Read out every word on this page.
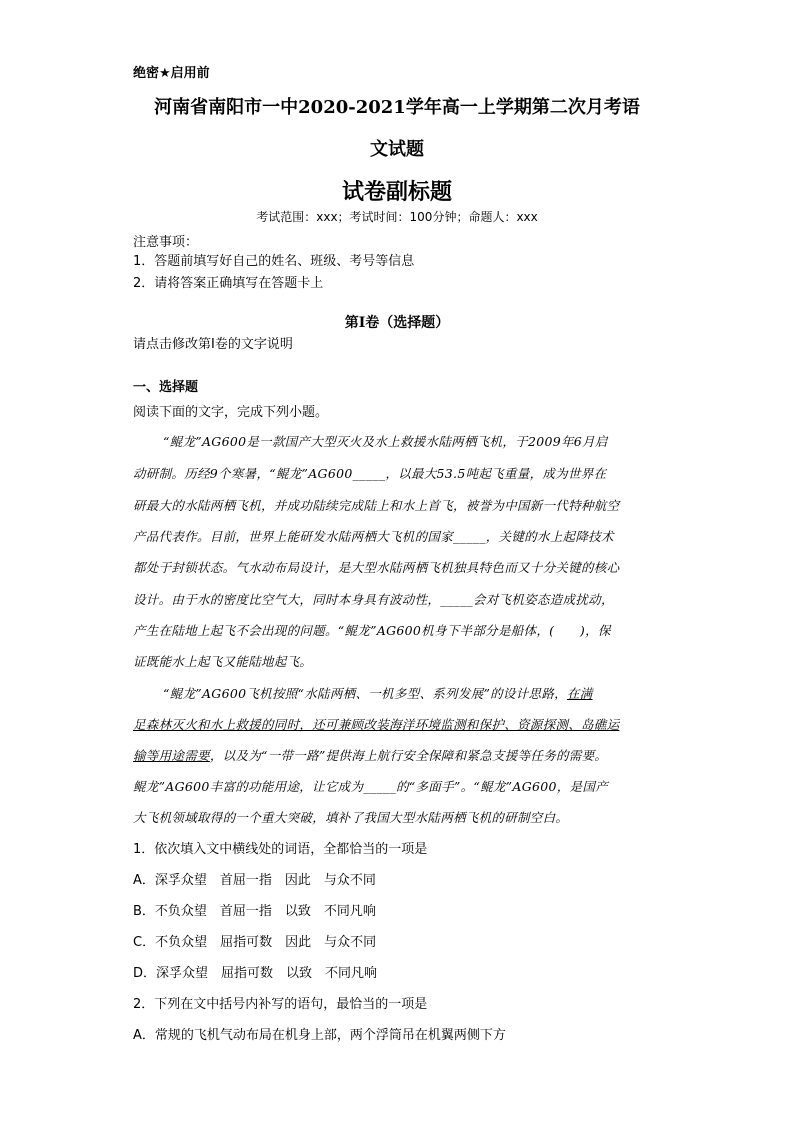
绝密★启用前
河南省南阳市一中2020-2021学年高一上学期第二次月考语
文试题
试卷副标题
考试范围：xxx；考试时间：100分钟；命题人：xxx
注意事项：
1．答题前填写好自己的姓名、班级、考号等信息
2．请将答案正确填写在答题卡上
第I卷（选择题）
请点击修改第I卷的文字说明
一、选择题
阅读下面的文字，完成下列小题。
“鲲龙”AG600是一款国产大型灭火及水上救援水陆两栖飞机，于2009年6月启
动研制。历经9个寒暑，“鲲龙”AG600_____，以最大53.5吨起飞重量，成为世界在
研最大的水陆两栖飞机，并成功陆续完成陆上和水上首飞，被誉为中国新一代特种航空
产品代表作。目前，世界上能研发水陆两栖大飞机的国家_____，关键的水上起降技术
都处于封锁状态。气水动布局设计，是大型水陆两栖飞机独具特色而又十分关键的核心
设计。由于水的密度比空气大，同时本身具有波动性，_____会对飞机姿态造成扰动，
产生在陆地上起飞不会出现的问题。“鲲龙”AG600机身下半部分是船体，(　　)，保
证既能水上起飞又能陆地起飞。
“鲲龙”AG600飞机按照“水陆两栖、一机多型、系列发展”的设计思路，在满
足森林灭火和水上救援的同时，还可兼顾改装海洋环境监测和保护、资源探测、岛礁运
输等用途需要，以及为“一带一路”提供海上航行安全保障和紧急支援等任务的需要。
鲲龙”AG600丰富的功能用途，让它成为_____的“多面手”。“鲲龙”AG600，是国产
大飞机领域取得的一个重大突破，填补了我国大型水陆两栖飞机的研制空白。
1．依次填入文中横线处的词语，全都恰当的一项是
A．深孚众望　首屈一指　因此　与众不同
B．不负众望　首屈一指　以致　不同凡响
C．不负众望　屈指可数　因此　与众不同
D．深孚众望　屈指可数　以致　不同凡响
2．下列在文中括号内补写的语句，最恰当的一项是
A．常规的飞机气动布局在机身上部，两个浮筒吊在机翼两侧下方
